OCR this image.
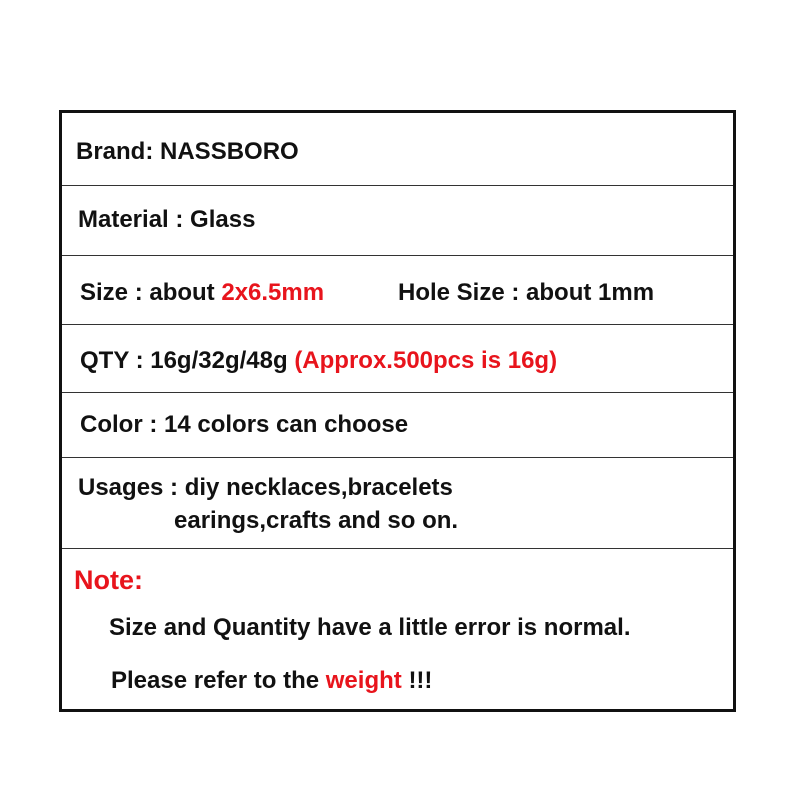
Brand: NASSBORO
Material : Glass
Size : about 2x6.5mm	Hole Size : about 1mm
QTY : 16g/32g/48g (Approx.500pcs is 16g)
Color : 14 colors can choose
Usages : diy necklaces,bracelets
earings,crafts and so on.
Note:
Size and Quantity have a little error is normal.
Please refer to the weight !!!
